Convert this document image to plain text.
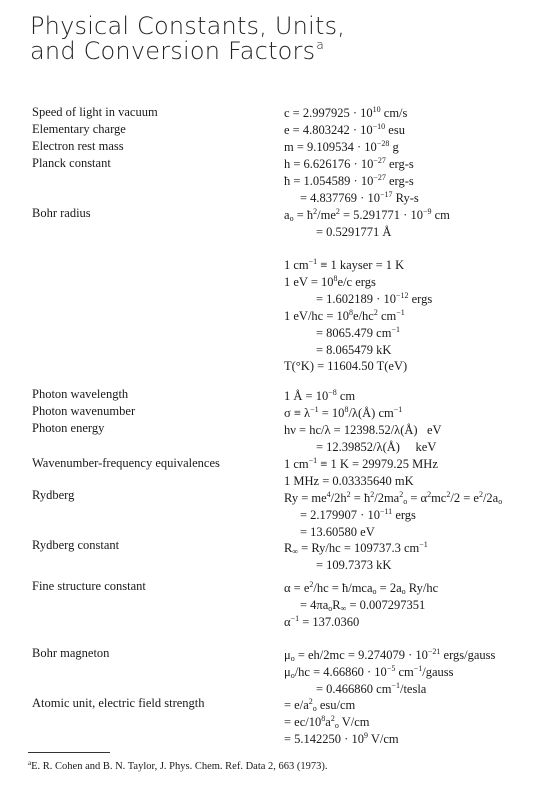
Physical Constants, Units,
and Conversion Factors$^a$
Speed of light in vacuum
Elementary charge
Electron rest mass
Planck constant
Bohr radius
Photon wavelength
Photon wavenumber
Photon energy
Wavenumber-frequency equivalences
Rydberg
Rydberg constant
Fine structure constant
Bohr magneton
Atomic unit, electric field strength
$c = 2.997925 \cdot 10^{10}$ cm/s
$e = 4.803242 \cdot 10^{-10}$ esu
$m = 9.109534 \cdot 10^{-28}$ g
$h = 6.626176 \cdot 10^{-27}$ erg-s
ħ = $1.054589 \cdot 10^{-27}$ erg-s
= $4.837769 \cdot 10^{-17}$ Ry-s
$a_o$ = $ħ^2/me^2 = 5.291771 \cdot 10^{-9}$ cm
= 0.5291771 Å
1 $cm^{-1} \equiv 1$ kayser = 1 K
1 eV = $10^8e/c$ ergs
= $1.602189 \cdot 10^{-12}$ ergs
1 $eV/hc = 10^8e/hc^2$ $cm^{-1}$
= 8065.479 $cm^{-1}$
= 8.065479 kK
T(°K) = 11604.50 T(eV)
1 Å = $10^{-8}$ cm
$\sigma \equiv \lambda^{-1}$ = $10^8/\lambda(Å)$ $cm^{-1}$
hν = hc/λ = 12398.52/λ(Å)   eV
= 12.39852/λ(Å)     keV
1 $cm^{-1} \equiv 1$ K = 29979.25 MHz
1 MHz = 0.03335640 mK
$Ry = me^4/2h^2$ = $ħ^2/2ma^2_o = \alpha^2mc^2/2 = e^2/2a_o$
= $2.179907 \cdot 10^{-11}$ ergs
= 13.60580 eV
$R_\infty = Ry/hc = 109737.3$ $cm^{-1}$
= 109.7373 kK
$\alpha = e^2/hc$ = ħ/mca$_o$ = $2a_o$ Ry/hc
= $4\pi a_oR_\infty = 0.007297351$
$\alpha^{-1} = 137.0360$
$\mu_o = eh/2mc = 9.274079 \cdot 10^{-21}$ ergs/gauss
$\mu_o/hc = 4.66860 \cdot 10^{-5}$ $cm^{-1}$/gauss
= 0.466860 $cm^{-1}$/tesla
= $e/a^2_o$ esu/cm
= $ec/10^8a^2_o$ V/cm
= $5.142250 \cdot 10^9$ V/cm
$^a$E. R. Cohen and B. N. Taylor, J. Phys. Chem. Ref. Data 2, 663 (1973).
